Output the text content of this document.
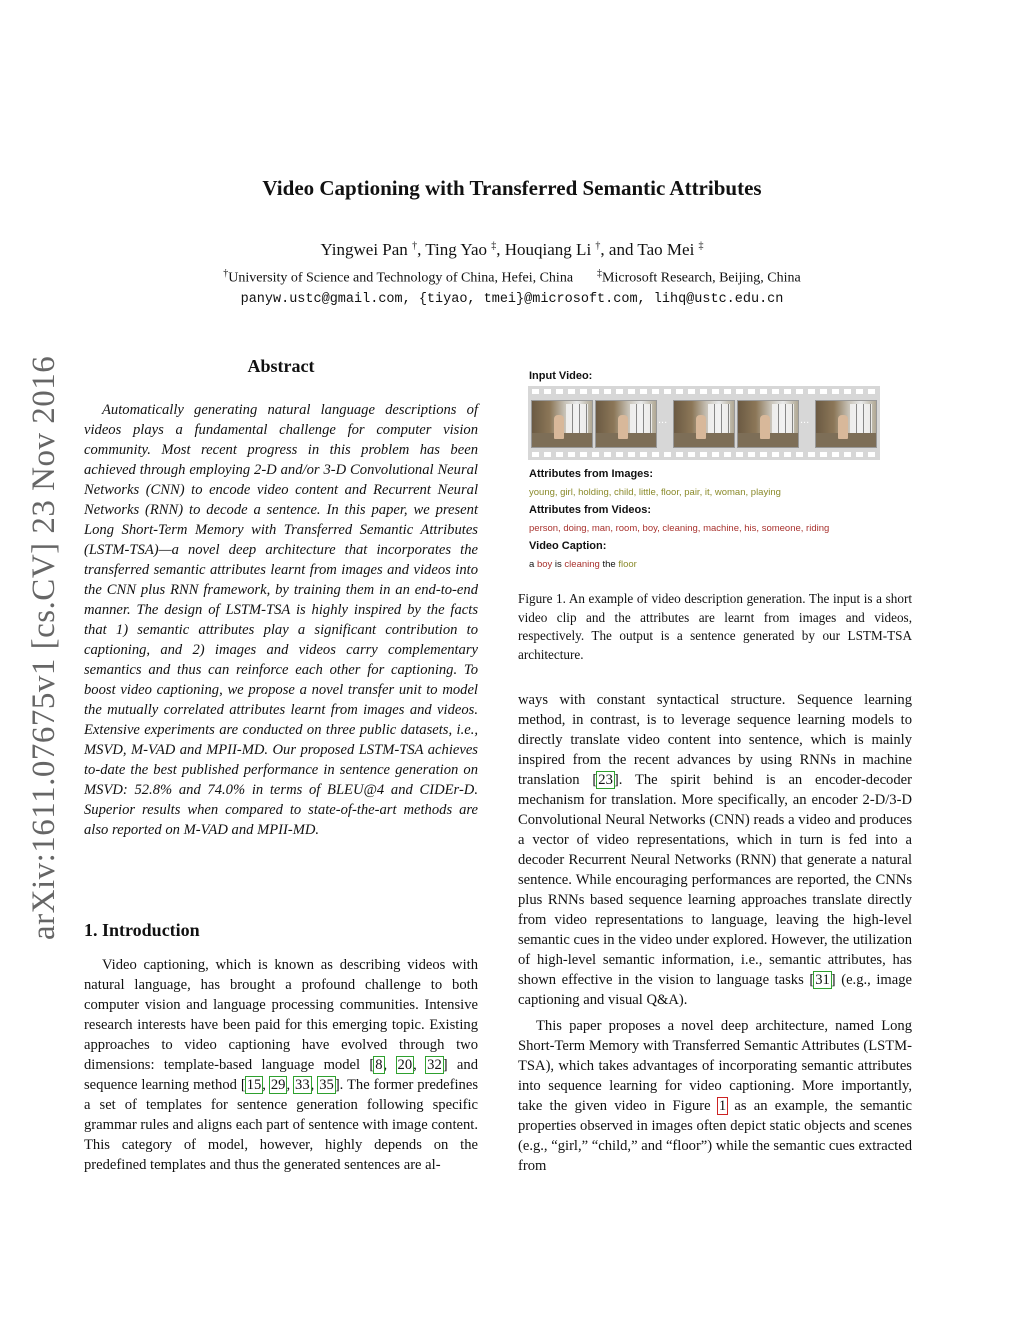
Video Captioning with Transferred Semantic Attributes
Yingwei Pan †, Ting Yao ‡, Houqiang Li †, and Tao Mei ‡
†University of Science and Technology of China, Hefei, China ‡Microsoft Research, Beijing, China
panyw.ustc@gmail.com, {tiyao, tmei}@microsoft.com, lihq@ustc.edu.cn
arXiv:1611.07675v1 [cs.CV] 23 Nov 2016	Abstract
Automatically generating natural language descriptions of videos plays a fundamental challenge for computer vision community. Most recent progress in this problem has been achieved through employing 2-D and/or 3-D Convolutional Neural Networks (CNN) to encode video content and Recurrent Neural Networks (RNN) to decode a sentence. In this paper, we present Long Short-Term Memory with Transferred Semantic Attributes (LSTM-TSA)—a novel deep architecture that incorporates the transferred semantic attributes learnt from images and videos into the CNN plus RNN framework, by training them in an end-to-end manner. The design of LSTM-TSA is highly inspired by the facts that 1) semantic attributes play a significant contribution to captioning, and 2) images and videos carry complementary semantics and thus can reinforce each other for captioning. To boost video captioning, we propose a novel transfer unit to model the mutually correlated attributes learnt from images and videos. Extensive experiments are conducted on three public datasets, i.e., MSVD, M-VAD and MPII-MD. Our proposed LSTM-TSA achieves to-date the best published performance in sentence generation on MSVD: 52.8% and 74.0% in terms of BLEU@4 and CIDEr-D. Superior results when compared to state-of-the-art methods are also reported on M-VAD and MPII-MD.
1. Introduction
Video captioning, which is known as describing videos with natural language, has brought a profound challenge to both computer vision and language processing communities. Intensive research interests have been paid for this emerging topic. Existing approaches to video captioning have evolved through two dimensions: template-based language model [8, 20, 32] and sequence learning method [15, 29, 33, 35]. The former predefines a set of templates for sentence generation following specific grammar rules and aligns each part of sentence with image content. This category of model, however, highly depends on the predefined templates and thus the generated sentences are al-
Input Video:
...	...
Attributes from Images:
young, girl, holding, child, little, floor, pair, it, woman, playing
Attributes from Videos:
person, doing, man, room, boy, cleaning, machine, his, someone, riding
Video Caption:
a boy is cleaning the floor
Figure 1. An example of video description generation. The input is a short video clip and the attributes are learnt from images and videos, respectively. The output is a sentence generated by our LSTM-TSA architecture.

ways with constant syntactical structure. Sequence learning method, in contrast, is to leverage sequence learning models to directly translate video content into sentence, which is mainly inspired from the recent advances by using RNNs in machine translation [23]. The spirit behind is an encoder-decoder mechanism for translation. More specifically, an encoder 2-D/3-D Convolutional Neural Networks (CNN) reads a video and produces a vector of video representations, which in turn is fed into a decoder Recurrent Neural Networks (RNN) that generate a natural sentence. While encouraging performances are reported, the CNNs plus RNNs based sequence learning approaches translate directly from video representations to language, leaving the high-level semantic cues in the video under explored. However, the utilization of high-level semantic information, i.e., semantic attributes, has shown effective in the vision to language tasks [31] (e.g., image captioning and visual Q&A).

This paper proposes a novel deep architecture, named Long Short-Term Memory with Transferred Semantic Attributes (LSTM-TSA), which takes advantages of incorporating semantic attributes into sequence learning for video captioning. More importantly, take the given video in Figure 1 as an example, the semantic properties observed in images often depict static objects and scenes (e.g., “girl,” “child,” and “floor”) while the semantic cues extracted from
